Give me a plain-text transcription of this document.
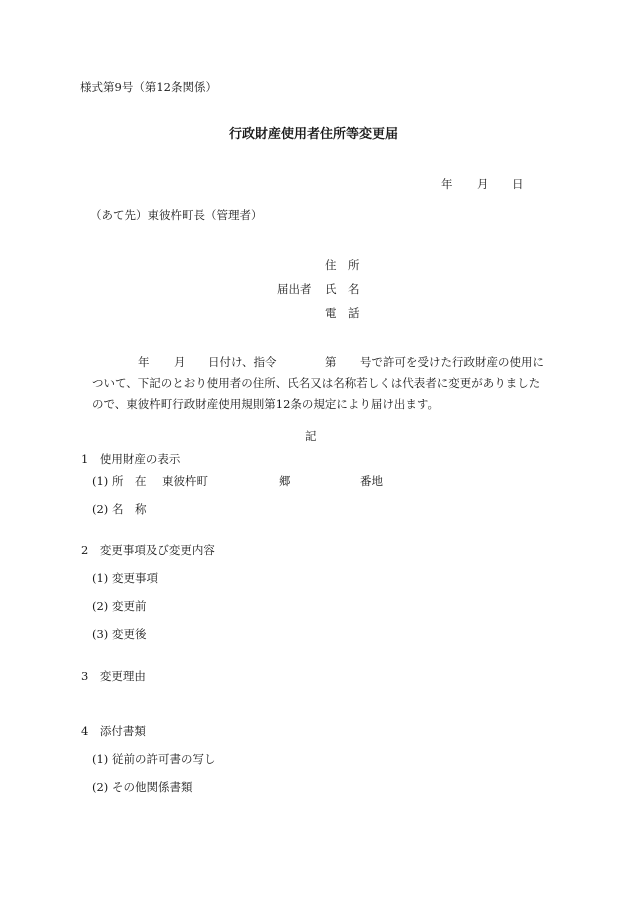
様式第9号（第12条関係）
行政財産使用者住所等変更届
年 月 日
（あて先）東彼杵町長（管理者）
住　所
届出者 氏　名
電　話
年 月 日付け、指令	第 号で許可を受けた行政財産の使用に
ついて、下記のとおり使用者の住所、氏名又は名称若しくは代表者に変更がありました
ので、東彼杵町行政財産使用規則第12条の規定により届け出ます。
記
1　使用財産の表示
(1) 所　在 東彼杵町	郷	番地
(2) 名　称
2　変更事項及び変更内容
(1) 変更事項
(2) 変更前
(3) 変更後
3　変更理由
4　添付書類
(1) 従前の許可書の写し
(2) その他関係書類
